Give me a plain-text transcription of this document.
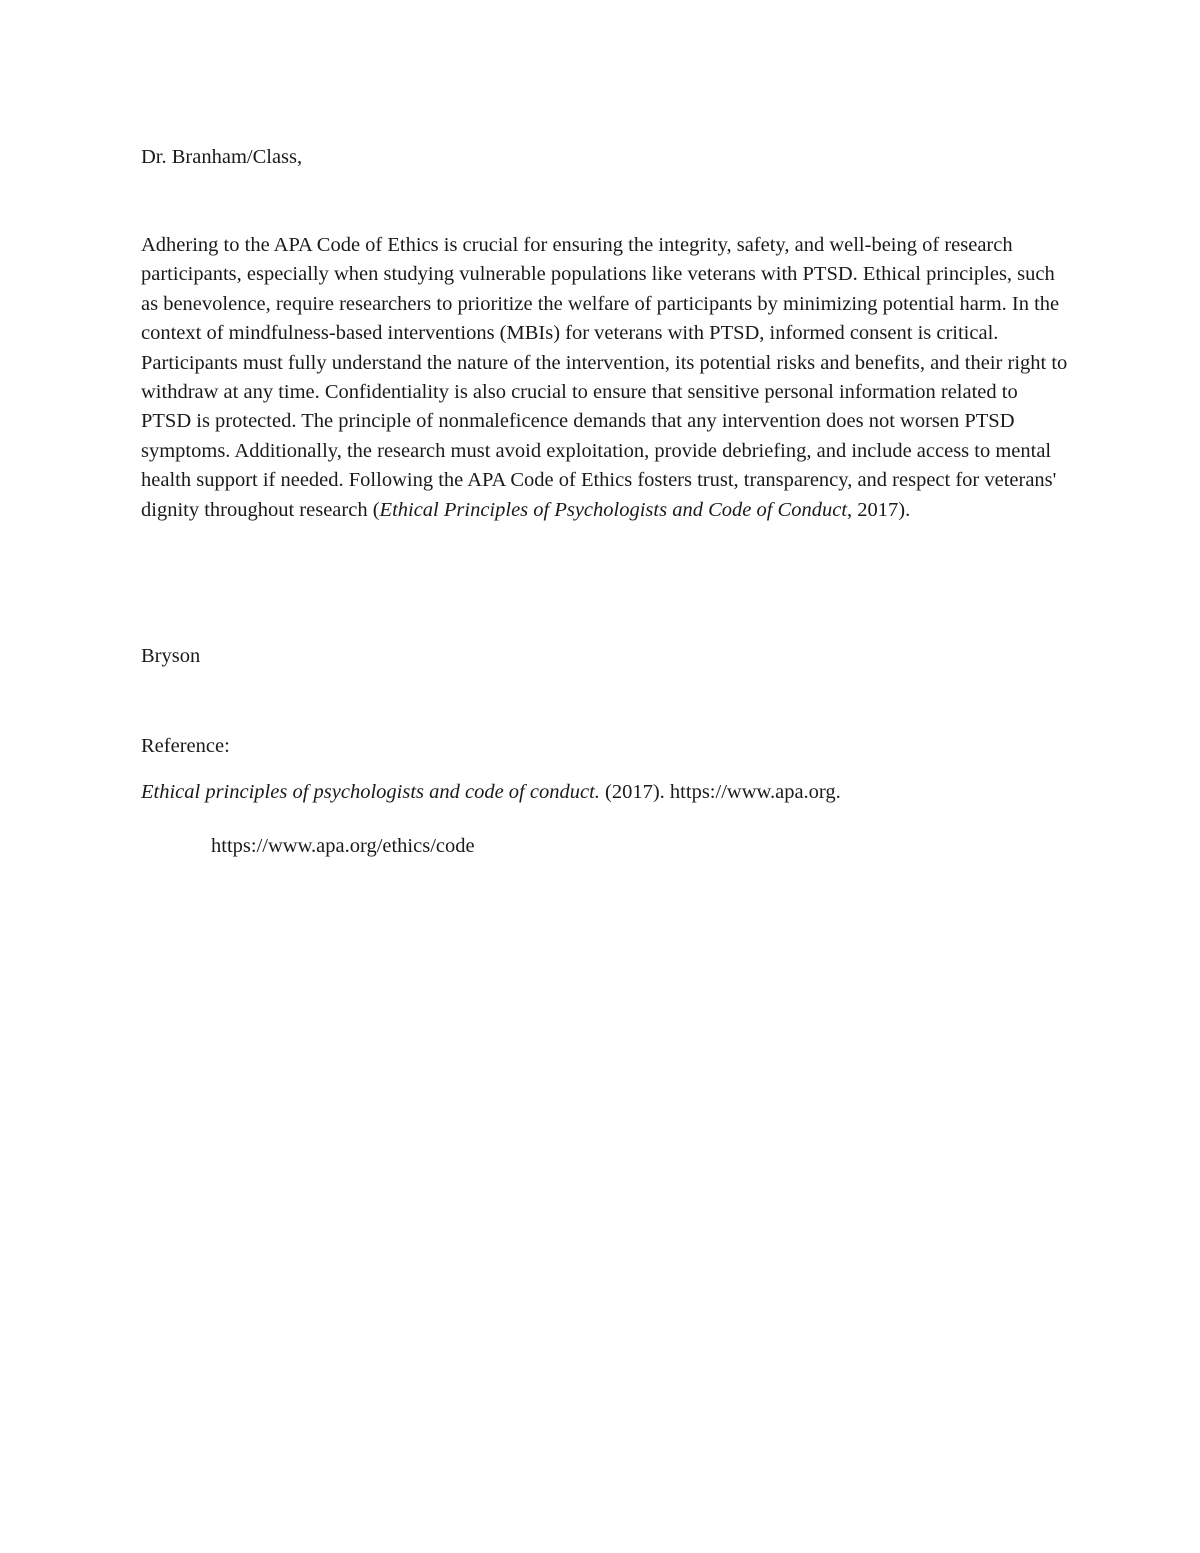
Dr. Branham/Class,

Adhering to the APA Code of Ethics is crucial for ensuring the integrity, safety, and well-being of research participants, especially when studying vulnerable populations like veterans with PTSD. Ethical principles, such as benevolence, require researchers to prioritize the welfare of participants by minimizing potential harm. In the context of mindfulness-based interventions (MBIs) for veterans with PTSD, informed consent is critical. Participants must fully understand the nature of the intervention, its potential risks and benefits, and their right to withdraw at any time. Confidentiality is also crucial to ensure that sensitive personal information related to PTSD is protected. The principle of nonmaleficence demands that any intervention does not worsen PTSD symptoms. Additionally, the research must avoid exploitation, provide debriefing, and include access to mental health support if needed. Following the APA Code of Ethics fosters trust, transparency, and respect for veterans' dignity throughout research (Ethical Principles of Psychologists and Code of Conduct, 2017).

Bryson

Reference:

Ethical principles of psychologists and code of conduct. (2017). https://www.apa.org.

https://www.apa.org/ethics/code
